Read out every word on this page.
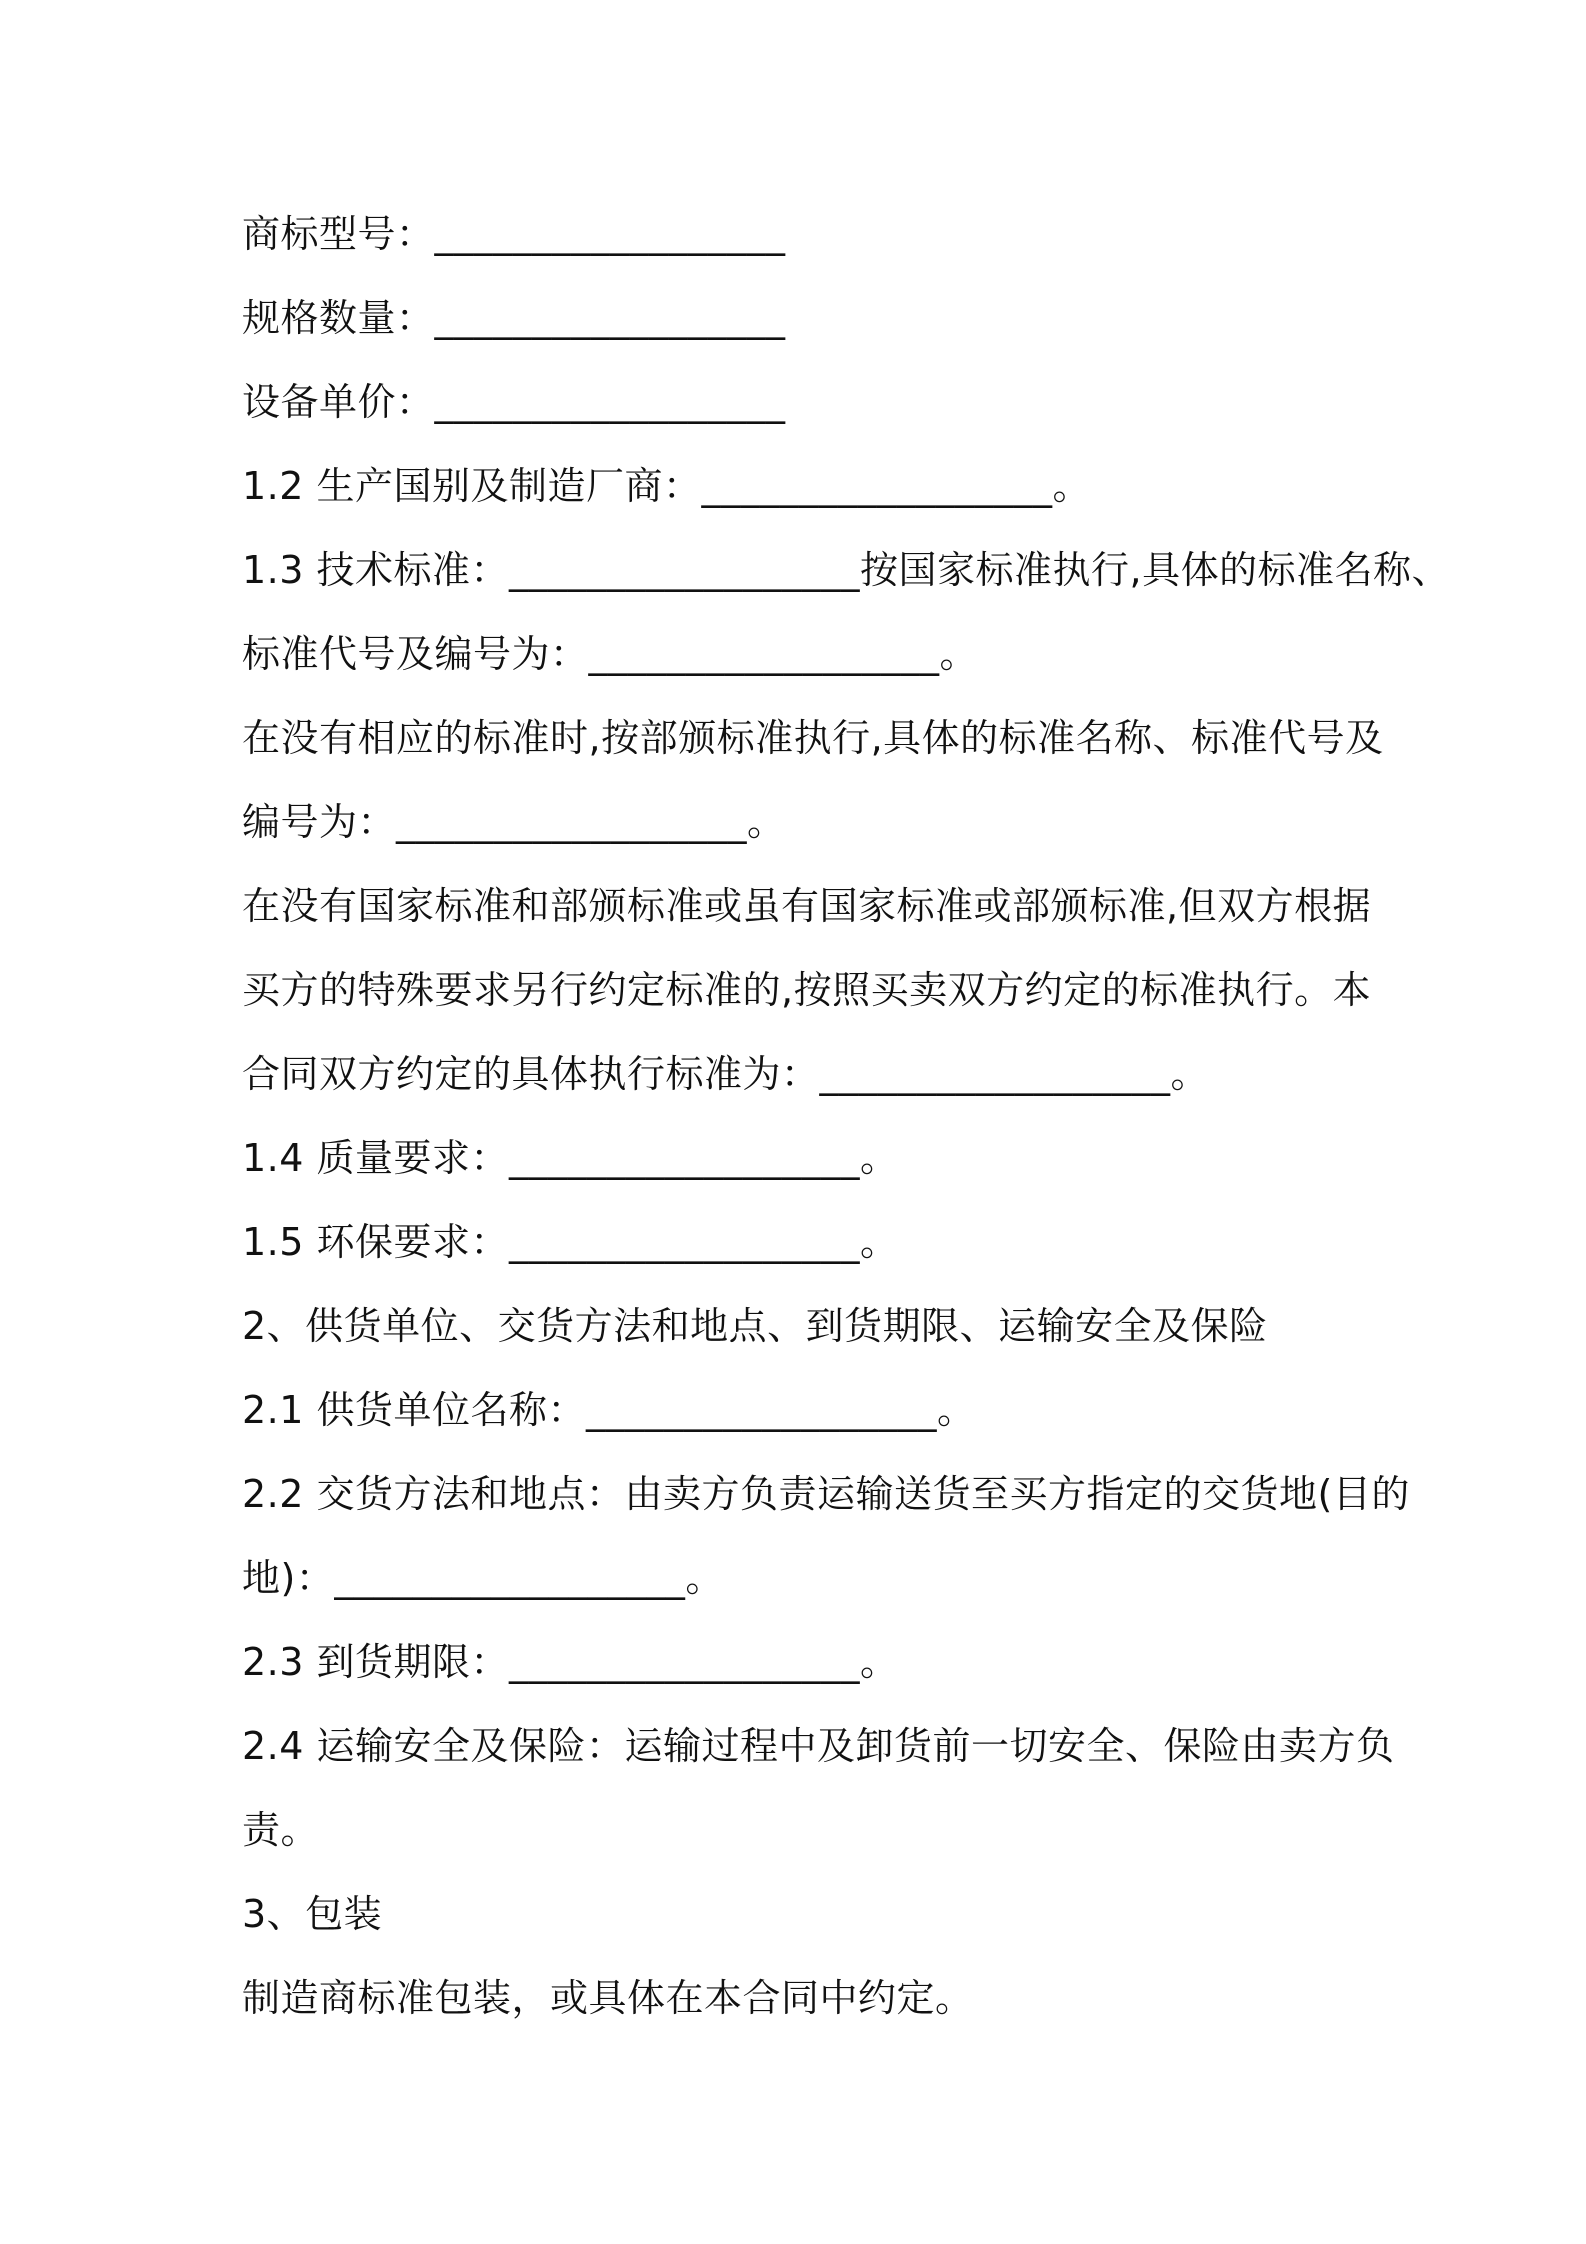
商标型号：__________________
规格数量：__________________
设备单价：__________________
1.2 生产国别及制造厂商：__________________。
1.3 技术标准：__________________按国家标准执行,具体的标准名称、
标准代号及编号为：__________________。
在没有相应的标准时,按部颁标准执行,具体的标准名称、标准代号及
编号为：__________________。
在没有国家标准和部颁标准或虽有国家标准或部颁标准,但双方根据
买方的特殊要求另行约定标准的,按照买卖双方约定的标准执行。本
合同双方约定的具体执行标准为：__________________。
1.4 质量要求：__________________。
1.5 环保要求：__________________。
2、供货单位、交货方法和地点、到货期限、运输安全及保险
2.1 供货单位名称：__________________。
2.2 交货方法和地点：由卖方负责运输送货至买方指定的交货地(目的
地)：__________________。
2.3 到货期限：__________________。
2.4 运输安全及保险：运输过程中及卸货前一切安全、保险由卖方负
责。
3、包装
制造商标准包装，或具体在本合同中约定。
